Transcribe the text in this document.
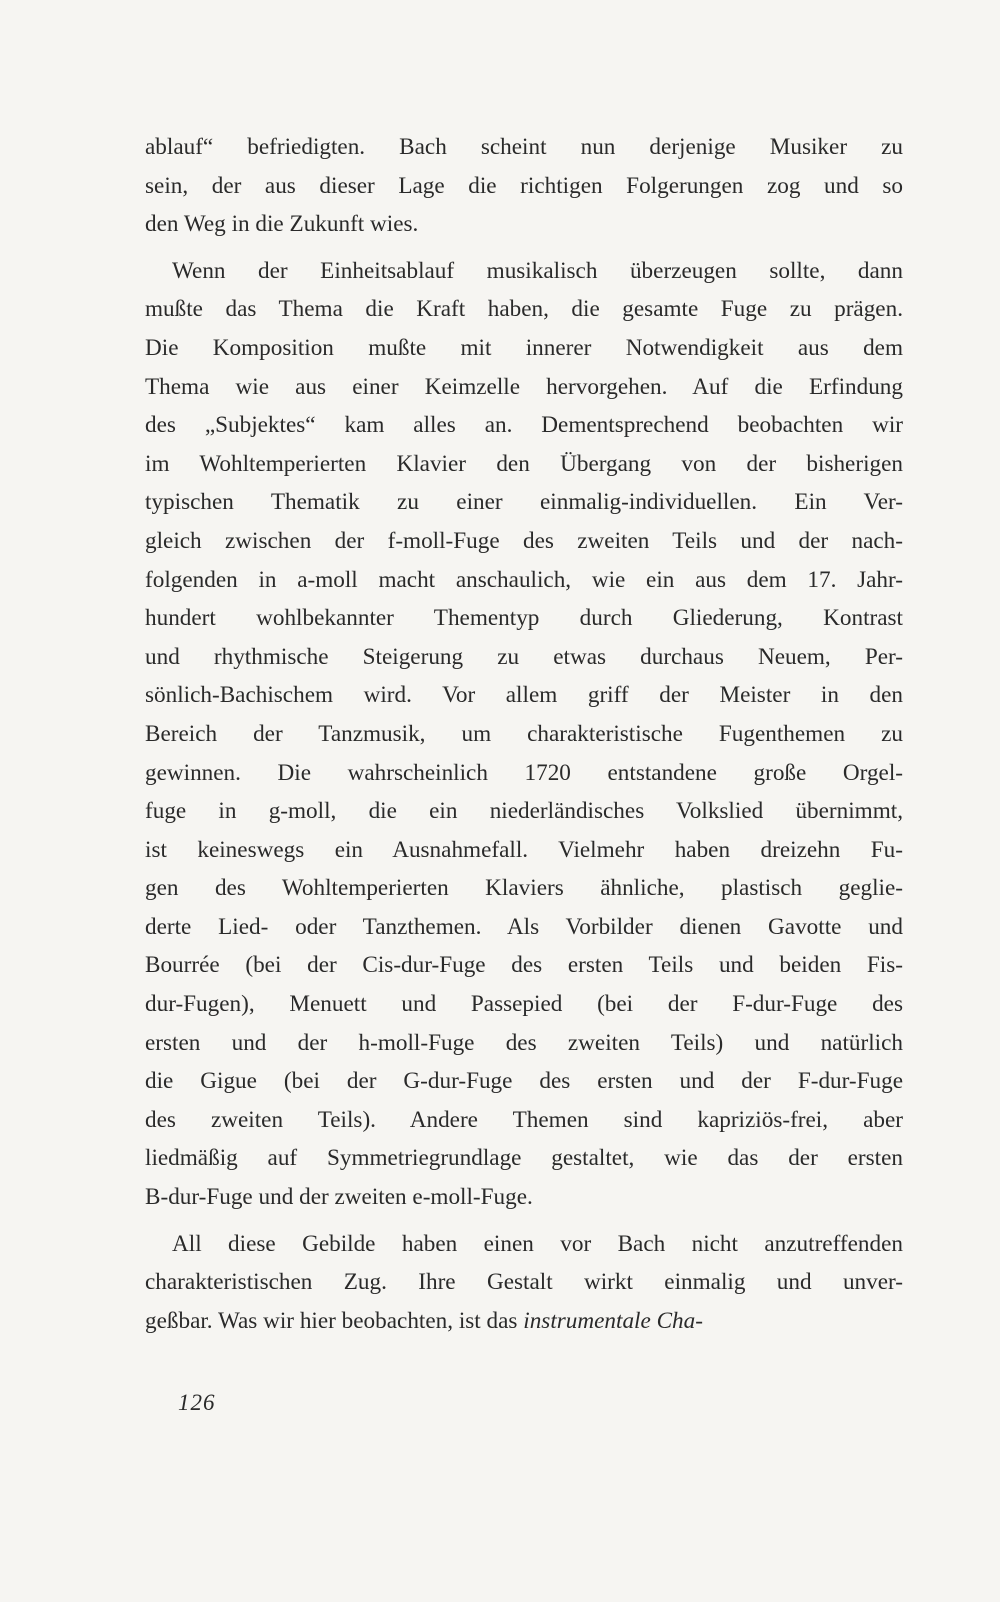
ablauf“ befriedigten. Bach scheint nun derjenige Musiker zu
sein, der aus dieser Lage die richtigen Folgerungen zog und so
den Weg in die Zukunft wies.
Wenn der Einheitsablauf musikalisch überzeugen sollte, dann
mußte das Thema die Kraft haben, die gesamte Fuge zu prägen.
Die Komposition mußte mit innerer Notwendigkeit aus dem
Thema wie aus einer Keimzelle hervorgehen. Auf die Erfindung
des „Subjektes“ kam alles an. Dementsprechend beobachten wir
im Wohltemperierten Klavier den Übergang von der bisherigen
typischen Thematik zu einer einmalig-individuellen. Ein Ver-
gleich zwischen der f-moll-Fuge des zweiten Teils und der nach-
folgenden in a-moll macht anschaulich, wie ein aus dem 17. Jahr-
hundert wohlbekannter Thementyp durch Gliederung, Kontrast
und rhythmische Steigerung zu etwas durchaus Neuem, Per-
sönlich-Bachischem wird. Vor allem griff der Meister in den
Bereich der Tanzmusik, um charakteristische Fugenthemen zu
gewinnen. Die wahrscheinlich 1720 entstandene große Orgel-
fuge in g-moll, die ein niederländisches Volkslied übernimmt,
ist keineswegs ein Ausnahmefall. Vielmehr haben dreizehn Fu-
gen des Wohltemperierten Klaviers ähnliche, plastisch geglie-
derte Lied- oder Tanzthemen. Als Vorbilder dienen Gavotte und
Bourrée (bei der Cis-dur-Fuge des ersten Teils und beiden Fis-
dur-Fugen), Menuett und Passepied (bei der F-dur-Fuge des
ersten und der h-moll-Fuge des zweiten Teils) und natürlich
die Gigue (bei der G-dur-Fuge des ersten und der F-dur-Fuge
des zweiten Teils). Andere Themen sind kapriziös-frei, aber
liedmäßig auf Symmetriegrundlage gestaltet, wie das der ersten
B-dur-Fuge und der zweiten e-moll-Fuge.
All diese Gebilde haben einen vor Bach nicht anzutreffenden
charakteristischen Zug. Ihre Gestalt wirkt einmalig und unver-
geßbar. Was wir hier beobachten, ist das instrumentale Cha-
126
